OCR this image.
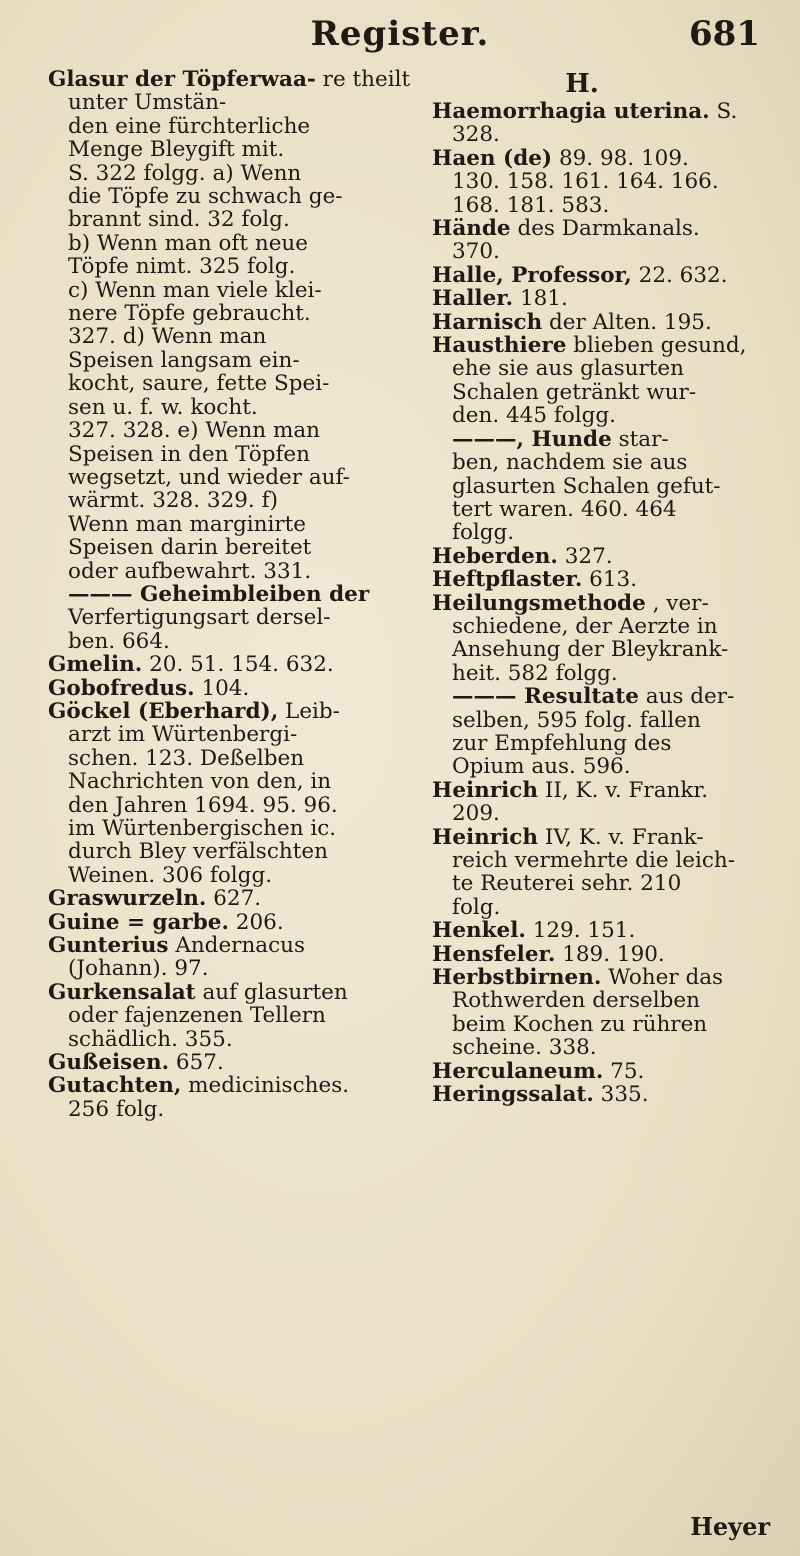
Register.	681
Glasur der Töpferwaa- re theilt unter Umstän-
den eine fürchterliche
Menge Bleygift mit.
S. 322 folgg. a) Wenn
die Töpfe zu schwach ge-
brannt sind. 32 folg.
b) Wenn man oft neue
Töpfe nimt. 325 folg.
c) Wenn man viele klei-
nere Töpfe gebraucht.
327. d) Wenn man
Speisen langsam ein-
kocht, saure, fette Spei-
sen u. f. w. kocht.
327. 328. e) Wenn man
Speisen in den Töpfen
wegsetzt, und wieder auf-
wärmt. 328. 329. f)
Wenn man marginirte
Speisen darin bereitet
oder aufbewahrt. 331.
——— Geheimbleiben der Verfertigungsart dersel-
ben. 664.
Gmelin. 20. 51. 154. 632.
Gobofredus. 104.
Göckel (Eberhard), Leib-
arzt im Würtenbergi-
schen. 123. Deßelben
Nachrichten von den, in
den Jahren 1694. 95. 96.
im Würtenbergischen ic.
durch Bley verfälschten
Weinen. 306 folgg.
Graswurzeln. 627.
Guine = garbe. 206.
Gunterius Andernacus
(Johann). 97.
Gurkensalat auf glasurten
oder fajenzenen Tellern
schädlich. 355.
Gußeisen. 657.
Gutachten, medicinisches.
256 folg.
H.
Haemorrhagia uterina. S.
328.
Haen (de) 89. 98. 109.
130. 158. 161. 164. 166.
168. 181. 583.
Hände des Darmkanals.
370.
Halle, Professor, 22. 632.
Haller. 181.
Harnisch der Alten. 195.
Hausthiere blieben gesund,
ehe sie aus glasurten
Schalen getränkt wur-
den. 445 folgg.
———, Hunde star-
ben, nachdem sie aus
glasurten Schalen gefut-
tert waren. 460. 464
folgg.
Heberden. 327.
Heftpflaster. 613.
Heilungsmethode , ver-
schiedene, der Aerzte in
Ansehung der Bleykrank-
heit. 582 folgg.
——— Resultate aus der-
selben, 595 folg. fallen
zur Empfehlung des
Opium aus. 596.
Heinrich II, K. v. Frankr.
209.
Heinrich IV, K. v. Frank-
reich vermehrte die leich-
te Reuterei sehr. 210
folg.
Henkel. 129. 151.
Hensfeler. 189. 190.
Herbstbirnen. Woher das
Rothwerden derselben
beim Kochen zu rühren
scheine. 338.
Herculaneum. 75.
Heringssalat. 335.
Heyer
